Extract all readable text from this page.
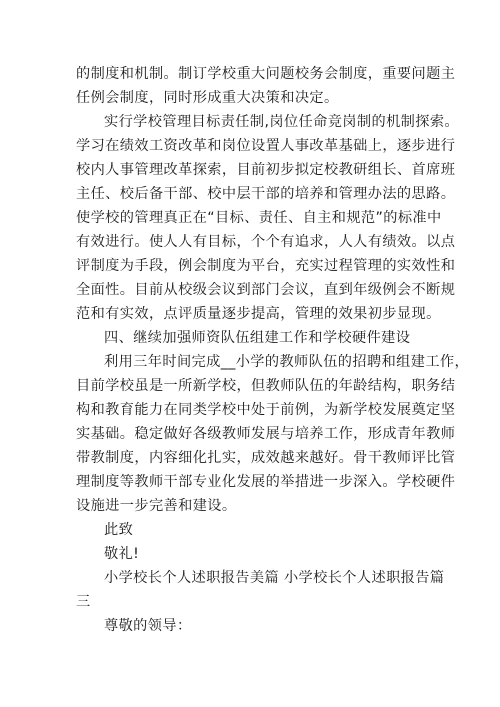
的制度和机制。制订学校重大问题校务会制度，重要问题主
任例会制度，同时形成重大决策和决定。
实行学校管理目标责任制,岗位任命竞岗制的机制探索。
学习在绩效工资改革和岗位设置人事改革基础上，逐步进行
校内人事管理改革探索，目前初步拟定校教研组长、首席班
主任、校后备干部、校中层干部的培养和管理办法的思路。
使学校的管理真正在“目标、责任、自主和规范”的标准中
有效进行。使人人有目标，个个有追求，人人有绩效。以点
评制度为手段，例会制度为平台，充实过程管理的实效性和
全面性。目前从校级会议到部门会议，直到年级例会不断规
范和有实效，点评质量逐步提高，管理的效果初步显现。
四、继续加强师资队伍组建工作和学校硬件建设
利用三年时间完成__小学的教师队伍的招聘和组建工作，
目前学校虽是一所新学校，但教师队伍的年龄结构，职务结
构和教育能力在同类学校中处于前例，为新学校发展奠定坚
实基础。稳定做好各级教师发展与培养工作，形成青年教师
带教制度，内容细化扎实，成效越来越好。骨干教师评比管
理制度等教师干部专业化发展的举措进一步深入。学校硬件
设施进一步完善和建设。
此致
敬礼!
小学校长个人述职报告美篇 小学校长个人述职报告篇
三
尊敬的领导：
